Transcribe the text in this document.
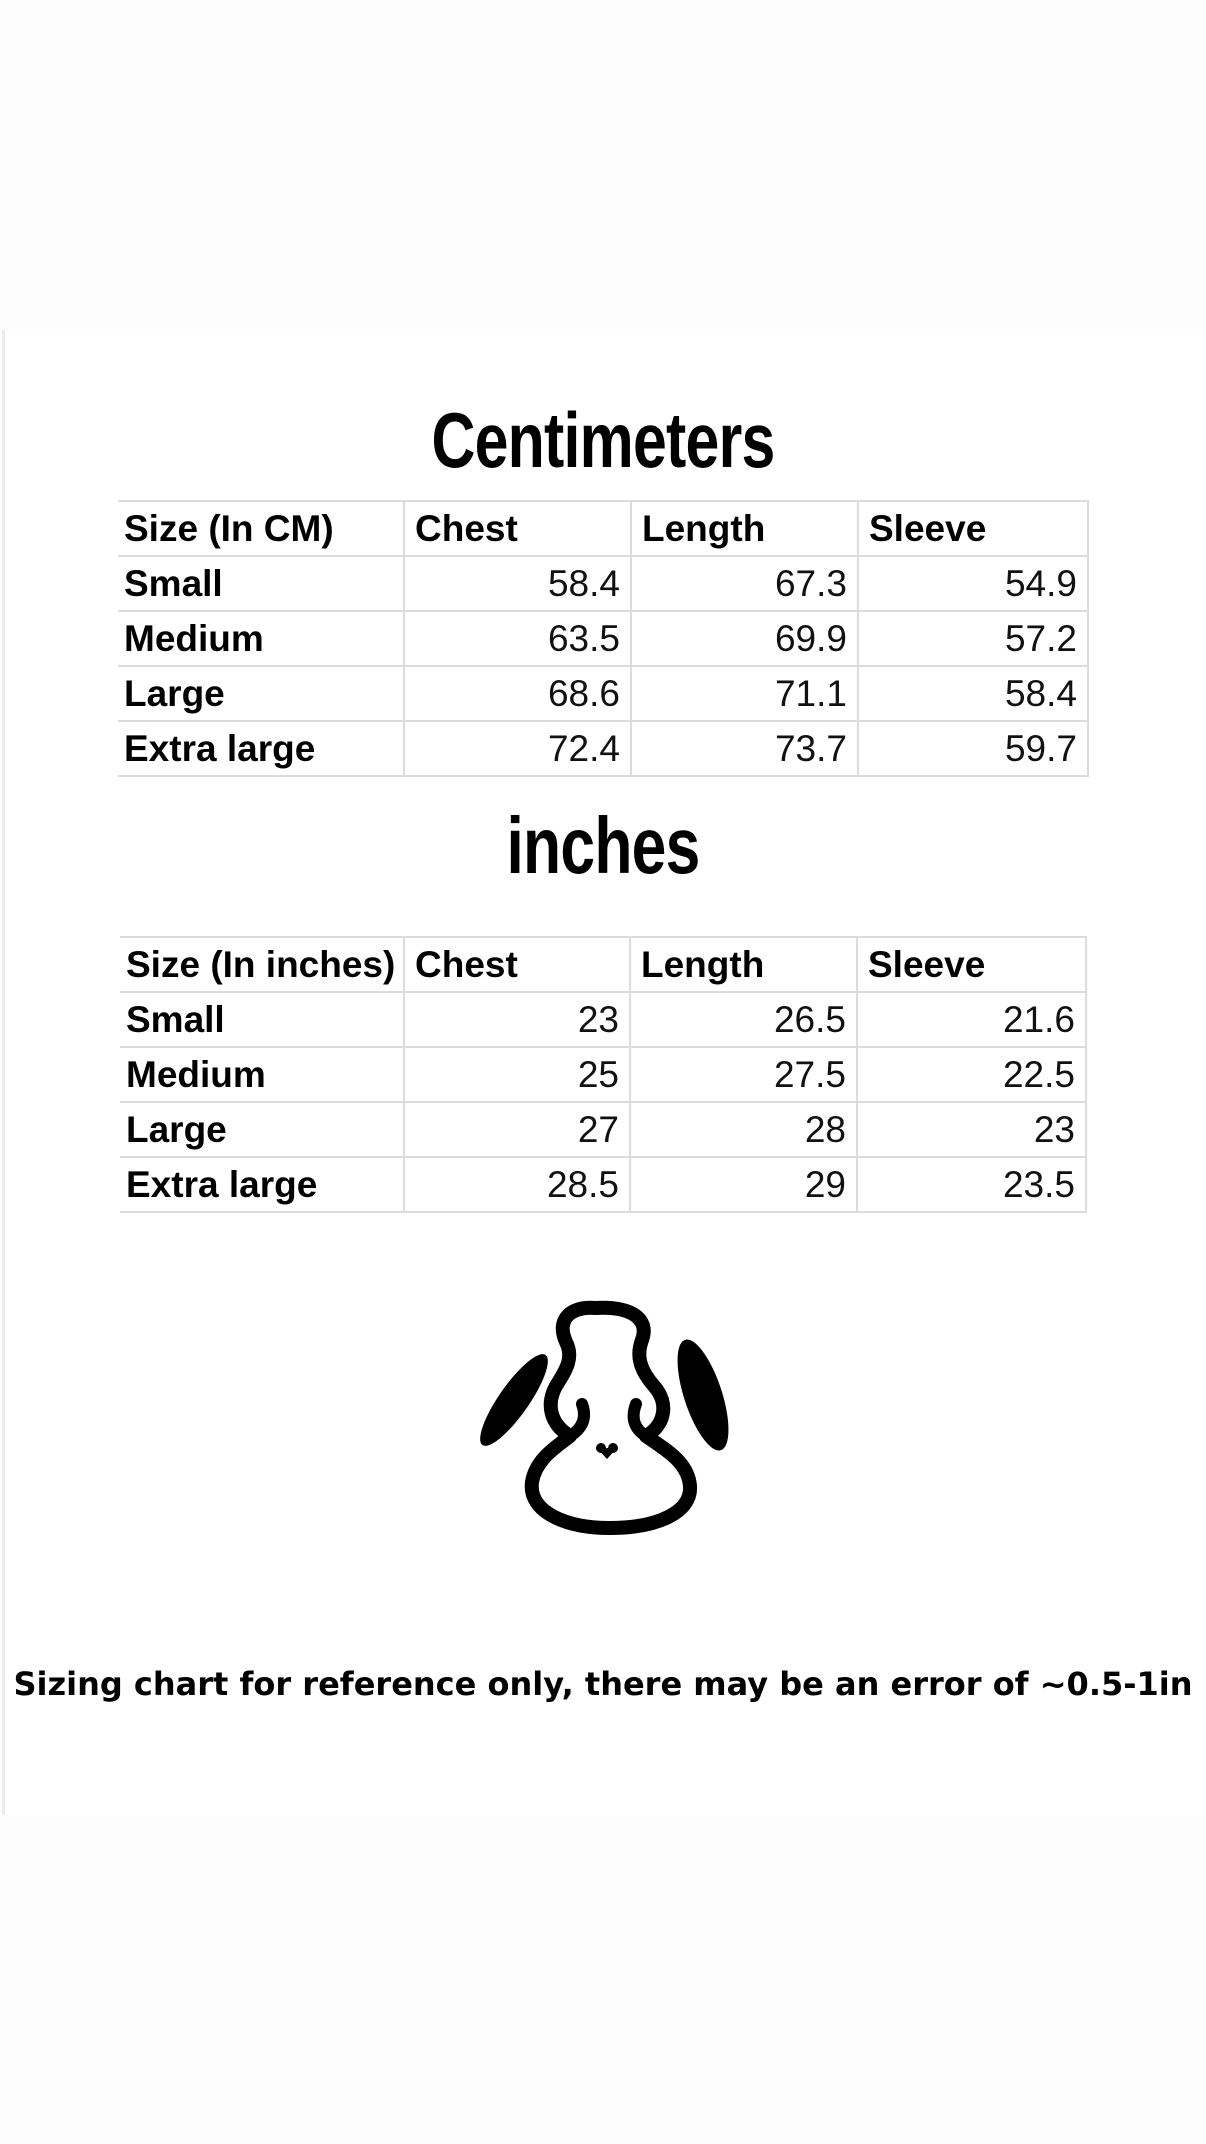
Centimeters
Size (In CM)	Chest	Length	Sleeve
Small	58.4	67.3	54.9
Medium	63.5	69.9	57.2
Large	68.6	71.1	58.4
Extra large	72.4	73.7	59.7
inches
Size (In inches)	Chest	Length	Sleeve
Small	23	26.5	21.6
Medium	25	27.5	22.5
Large	27	28	23
Extra large	28.5	29	23.5
Sizing chart for reference only, there may be an error of ~0.5-1in
